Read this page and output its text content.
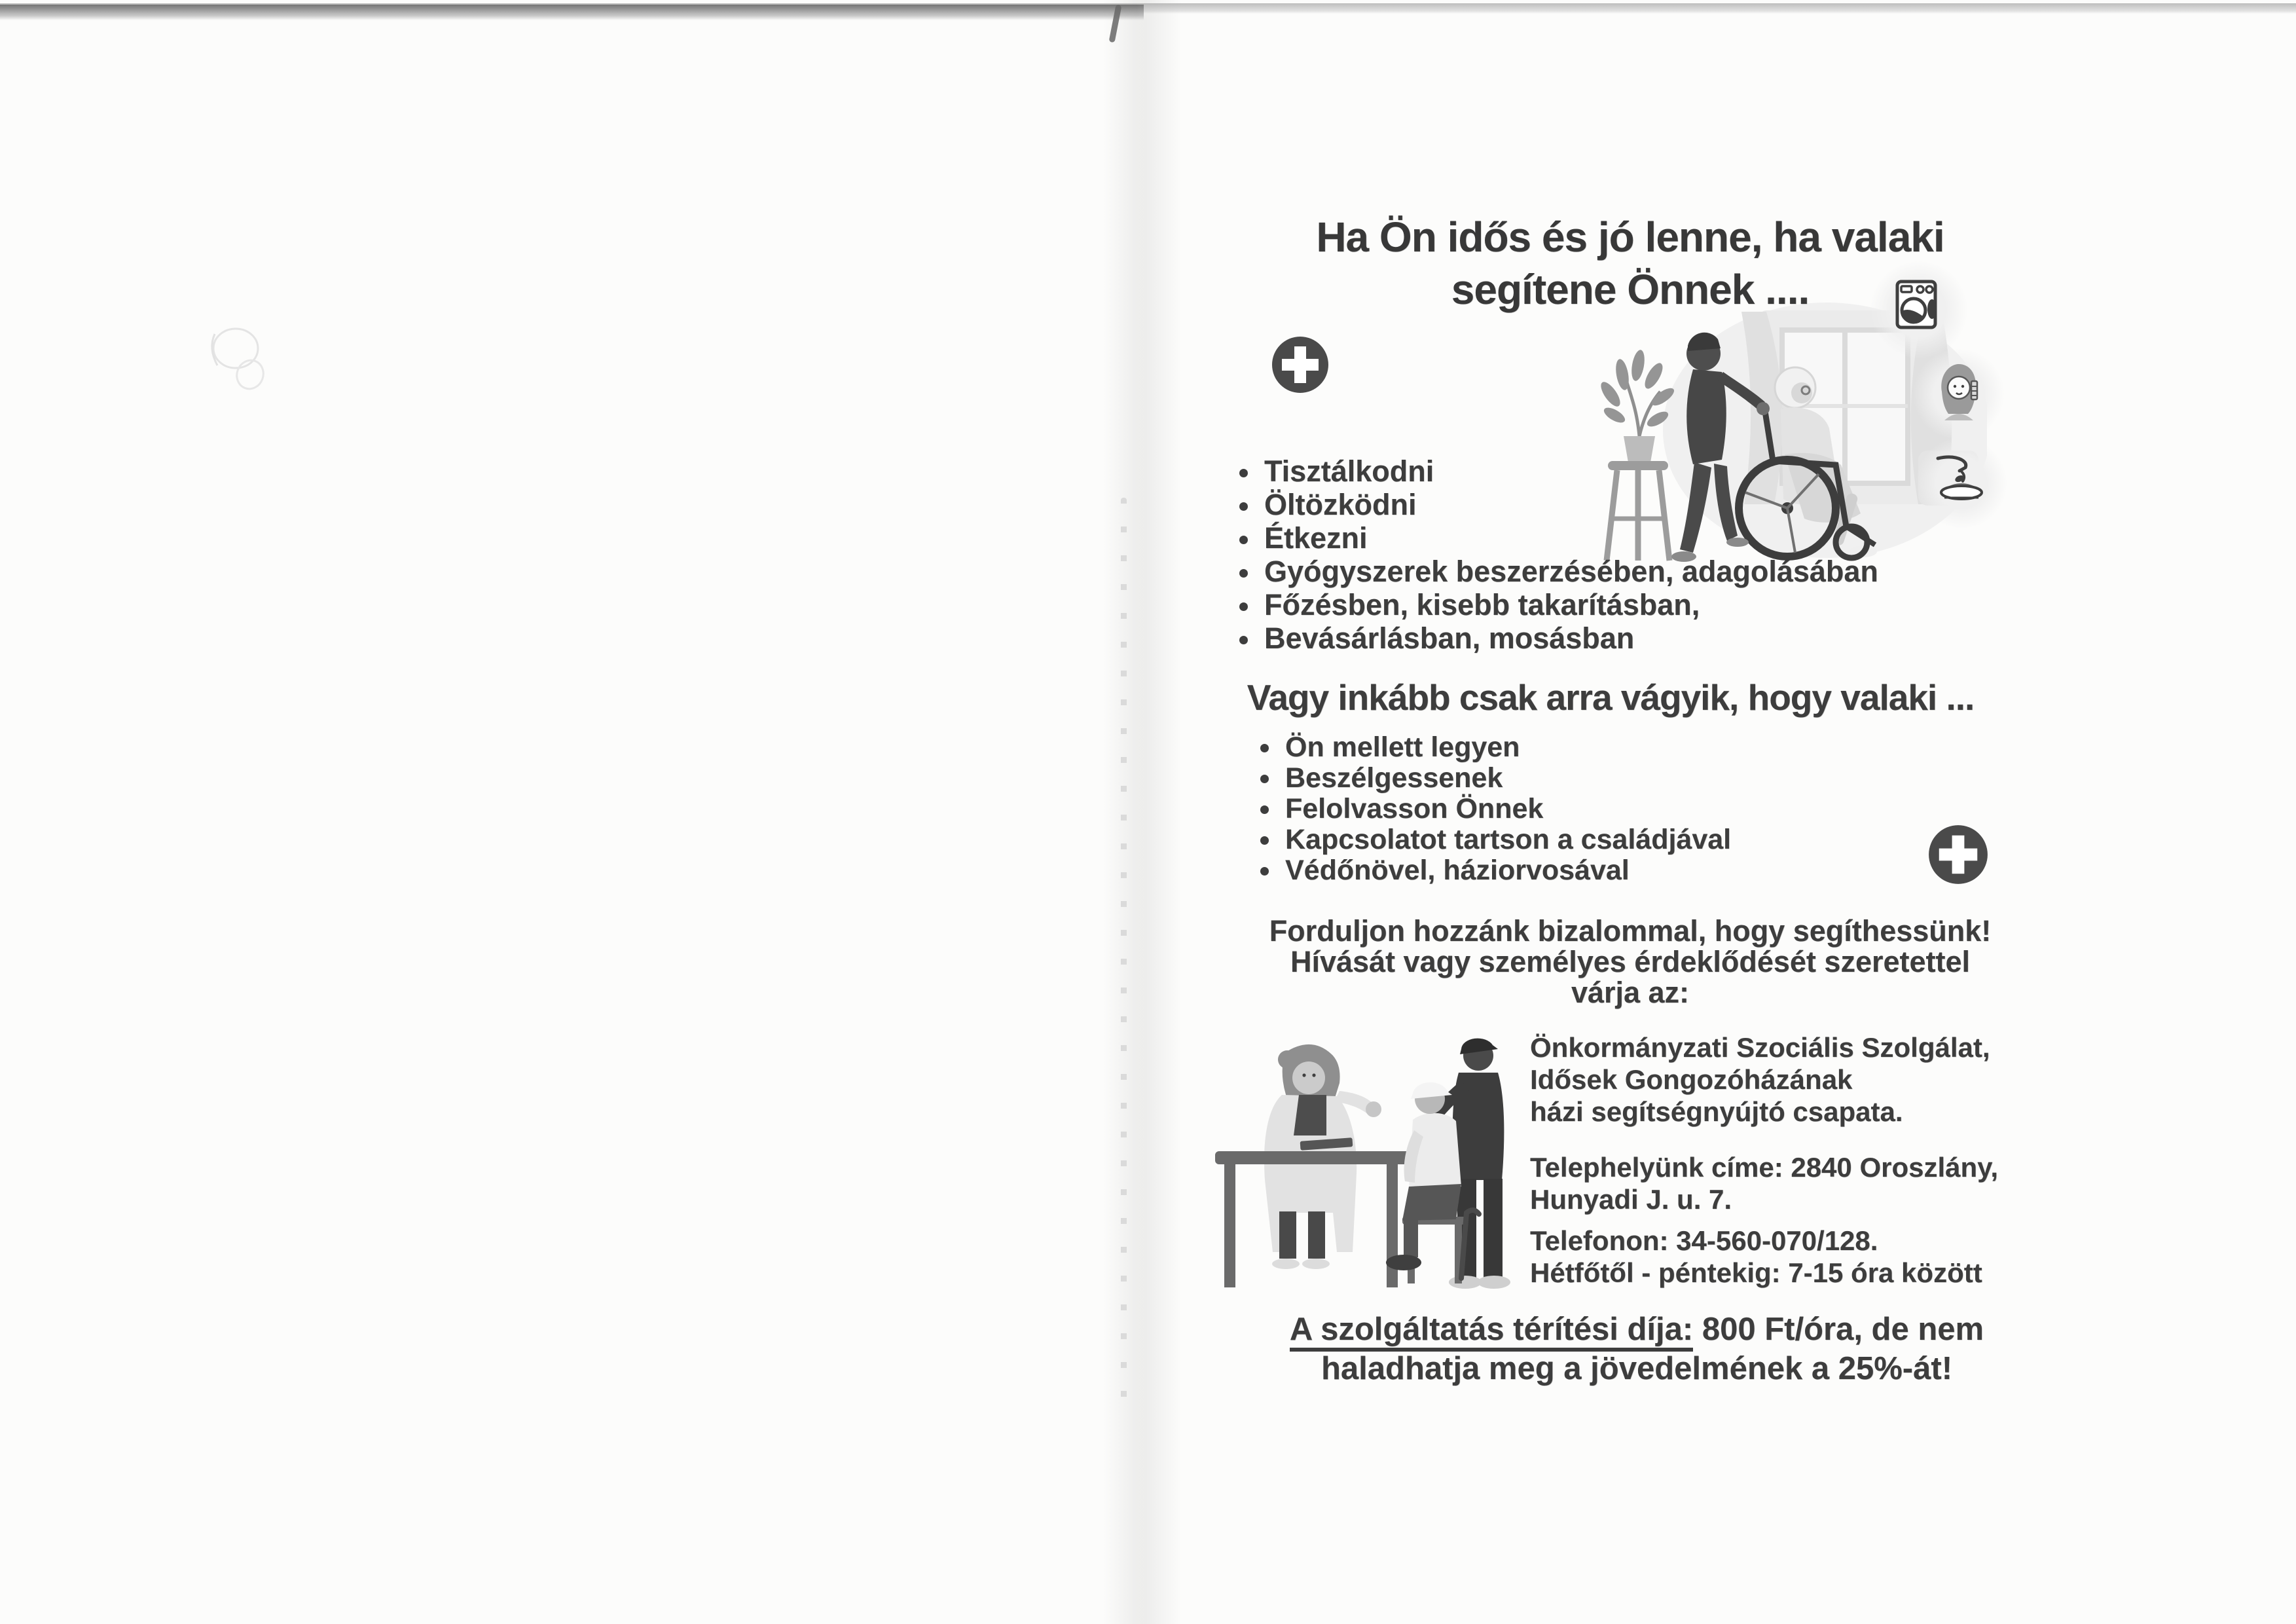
Ha Ön idős és jó lenne, ha valaki
segítene Önnek ....
Tisztálkodni
Öltözködni
Étkezni
Gyógyszerek beszerzésében, adagolásában
Főzésben, kisebb takarításban,
Bevásárlásban, mosásban
Vagy inkább csak arra vágyik, hogy valaki ...
Ön mellett legyen
Beszélgessenek
Felolvasson Önnek
Kapcsolatot tartson a családjával
Védőnövel, háziorvosával
Forduljon hozzánk bizalommal, hogy segíthessünk!
Hívását vagy személyes érdeklődését szeretettel
várja az:

Önkormányzati Szociális Szolgálat,
Idősek Gongozóházának
házi segítségnyújtó csapata.

Telephelyünk címe: 2840 Oroszlány,
Hunyadi J. u. 7.

Telefonon: 34-560-070/128.
Hétfőtől - péntekig: 7-15 óra között

A szolgáltatás térítési díja: 800 Ft/óra, de nem
haladhatja meg a jövedelmének a 25%-át!
